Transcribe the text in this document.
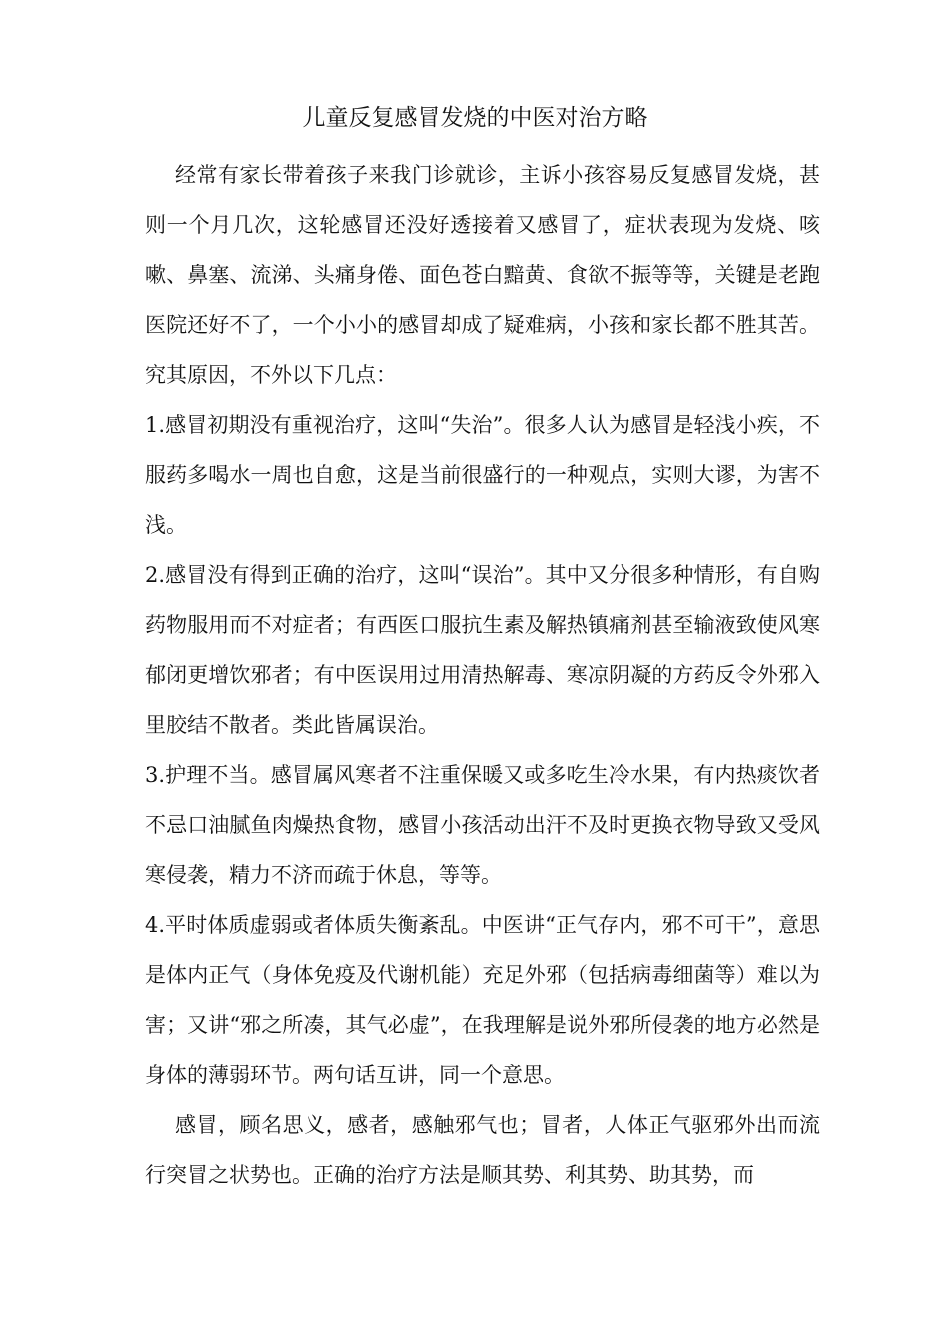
儿童反复感冒发烧的中医对治方略

经常有家长带着孩子来我门诊就诊，主诉小孩容易反复感冒发烧，甚则一个月几次，这轮感冒还没好透接着又感冒了，症状表现为发烧、咳嗽、鼻塞、流涕、头痛身倦、面色苍白黯黄、食欲不振等等，关键是老跑医院还好不了，一个小小的感冒却成了疑难病，小孩和家长都不胜其苦。究其原因，不外以下几点：

1.感冒初期没有重视治疗，这叫“失治”。很多人认为感冒是轻浅小疾，不服药多喝水一周也自愈，这是当前很盛行的一种观点，实则大谬，为害不浅。

2.感冒没有得到正确的治疗，这叫“误治”。其中又分很多种情形，有自购药物服用而不对症者；有西医口服抗生素及解热镇痛剂甚至输液致使风寒郁闭更增饮邪者；有中医误用过用清热解毒、寒凉阴凝的方药反令外邪入里胶结不散者。类此皆属误治。

3.护理不当。感冒属风寒者不注重保暖又或多吃生冷水果，有内热痰饮者不忌口油腻鱼肉燥热食物，感冒小孩活动出汗不及时更换衣物导致又受风寒侵袭，精力不济而疏于休息，等等。

4.平时体质虚弱或者体质失衡紊乱。中医讲“正气存内，邪不可干”，意思是体内正气（身体免疫及代谢机能）充足外邪（包括病毒细菌等）难以为害；又讲“邪之所凑，其气必虚”，在我理解是说外邪所侵袭的地方必然是身体的薄弱环节。两句话互讲，同一个意思。

感冒，顾名思义，感者，感触邪气也；冒者，人体正气驱邪外出而流行突冒之状势也。正确的治疗方法是顺其势、利其势、助其势，而
